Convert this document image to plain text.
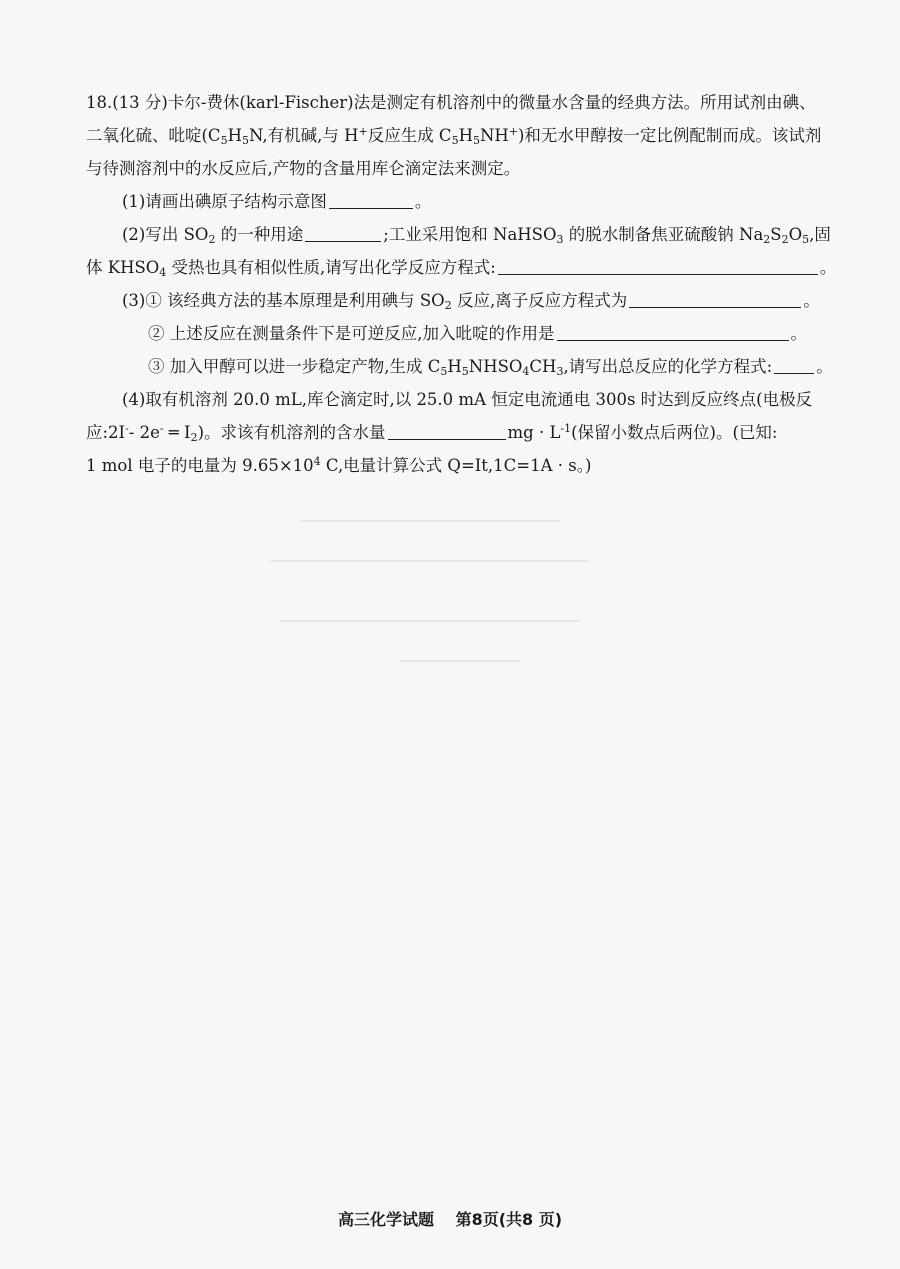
18.(13 分)卡尔-费休(karl-Fischer)法是测定有机溶剂中的微量水含量的经典方法。所用试剂由碘、
二氧化硫、吡啶($C_5H_5N$,有机碱,与 H+反应生成 $C_5H_5NH^+$)和无水甲醇按一定比例配制而成。该试剂
与待测溶剂中的水反应后,产物的含量用库仑滴定法来测定。
(1)请画出碘原子结构示意图	。
(2)写出 $SO_2$ 的一种用途	;工业采用饱和 NaHSO$_3$ 的脱水制备焦亚硫酸钠 $Na_2S_2O_5$,固
体 $KHSO_4$ 受热也具有相似性质,请写出化学反应方程式:	。
(3)① 该经典方法的基本原理是利用碘与 $SO_2$ 反应,离子反应方程式为	。
② 上述反应在测量条件下是可逆反应,加入吡啶的作用是	。
③ 加入甲醇可以进一步稳定产物,生成 $C_5H_5NHSO_4CH_3$,请写出总反应的化学方程式:	。
(4)取有机溶剂 20.0 mL,库仑滴定时,以 25.0 mA 恒定电流通电 300s 时达到反应终点(电极反
应:2I-- 2e- ═ $I_2$)。求该有机溶剂的含水量	mg · $L^{-1}$(保留小数点后两位)。(已知:
1 mol 电子的电量为 $9.65\times 10^4$ C,电量计算公式 Q=It,1C=1A · s。)
高三化学试题 第8页(共8 页)
